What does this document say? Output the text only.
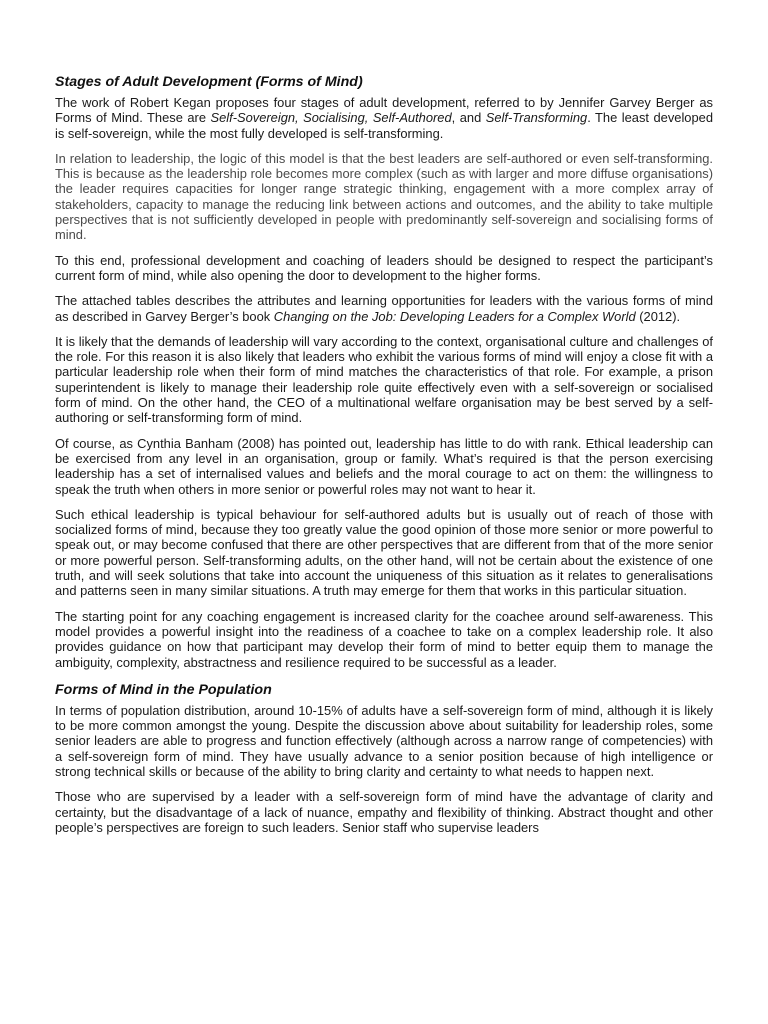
Stages of Adult Development (Forms of Mind)

The work of Robert Kegan proposes four stages of adult development, referred to by Jennifer Garvey Berger as Forms of Mind. These are Self-Sovereign, Socialising, Self-Authored, and Self-Transforming. The least developed is self-sovereign, while the most fully developed is self-transforming.

In relation to leadership, the logic of this model is that the best leaders are self-authored or even self-transforming. This is because as the leadership role becomes more complex (such as with larger and more diffuse organisations) the leader requires capacities for longer range strategic thinking, engagement with a more complex array of stakeholders, capacity to manage the reducing link between actions and outcomes, and the ability to take multiple perspectives that is not sufficiently developed in people with predominantly self-sovereign and socialising forms of mind.

To this end, professional development and coaching of leaders should be designed to respect the participant’s current form of mind, while also opening the door to development to the higher forms.

The attached tables describes the attributes and learning opportunities for leaders with the various forms of mind as described in Garvey Berger’s book Changing on the Job: Developing Leaders for a Complex World (2012).

It is likely that the demands of leadership will vary according to the context, organisational culture and challenges of the role. For this reason it is also likely that leaders who exhibit the various forms of mind will enjoy a close fit with a particular leadership role when their form of mind matches the characteristics of that role. For example, a prison superintendent is likely to manage their leadership role quite effectively even with a self-sovereign or socialised form of mind. On the other hand, the CEO of a multinational welfare organisation may be best served by a self-authoring or self-transforming form of mind.

Of course, as Cynthia Banham (2008) has pointed out, leadership has little to do with rank. Ethical leadership can be exercised from any level in an organisation, group or family. What’s required is that the person exercising leadership has a set of internalised values and beliefs and the moral courage to act on them: the willingness to speak the truth when others in more senior or powerful roles may not want to hear it.

Such ethical leadership is typical behaviour for self-authored adults but is usually out of reach of those with socialized forms of mind, because they too greatly value the good opinion of those more senior or more powerful to speak out, or may become confused that there are other perspectives that are different from that of the more senior or more powerful person. Self-transforming adults, on the other hand, will not be certain about the existence of one truth, and will seek solutions that take into account the uniqueness of this situation as it relates to generalisations and patterns seen in many similar situations. A truth may emerge for them that works in this particular situation.

The starting point for any coaching engagement is increased clarity for the coachee around self-awareness. This model provides a powerful insight into the readiness of a coachee to take on a complex leadership role. It also provides guidance on how that participant may develop their form of mind to better equip them to manage the ambiguity, complexity, abstractness and resilience required to be successful as a leader.

Forms of Mind in the Population

In terms of population distribution, around 10-15% of adults have a self-sovereign form of mind, although it is likely to be more common amongst the young. Despite the discussion above about suitability for leadership roles, some senior leaders are able to progress and function effectively (although across a narrow range of competencies) with a self-sovereign form of mind. They have usually advance to a senior position because of high intelligence or strong technical skills or because of the ability to bring clarity and certainty to what needs to happen next.

Those who are supervised by a leader with a self-sovereign form of mind have the advantage of clarity and certainty, but the disadvantage of a lack of nuance, empathy and flexibility of thinking. Abstract thought and other people’s perspectives are foreign to such leaders. Senior staff who supervise leaders
